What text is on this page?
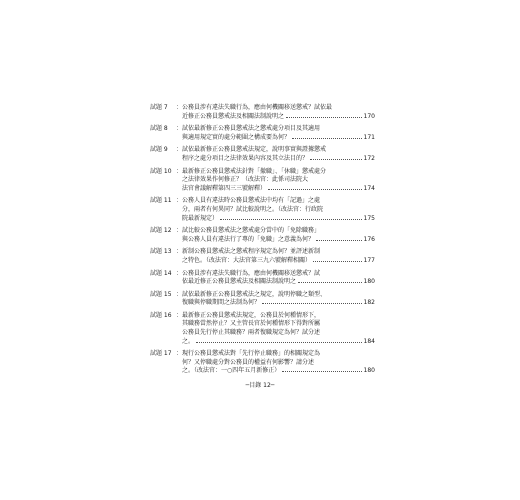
試題 7 ： 公務員涉有違法失職行為，應由何機關移送懲戒？試依最
近修正公務員懲戒法及相關法制說明之	170
試題 8 ： 試依最新修正公務員懲戒法之懲戒處分項目及其適用
與適用規定實的處分範圍之構成要為何？	171
試題 9 ： 試依最新修正公務員懲戒法規定，說明事實與證據懲戒
程序之處分項目之法律效果內容及其立法目的？	172
試題 10 ： 最新修正公務員懲戒法針對「撤職」、「休職」懲戒處分
之法律效果作何修正？（改法官：此係司法院大
法官會議解釋第四三三號解釋）	174
試題 11 ： 公務人員有違法時公務員懲戒法中均有「記過」之處
分，兩者有何異同？試比較說明之。（改法官：行政院
院最新規定）	175
試題 12 ： 試比較公務員懲戒法之懲戒處分當中的「免除職務」
與公務人員有違法行了專的「免職」之意義為何？	176
試題 13 ： 新制公務員懲戒法之懲戒程序規定為何？並評述新制
之特色。（改法官：大法官第三九六號解釋相關）	177
試題 14 ： 公務員涉有違法失職行為，應由何機關移送懲戒？試
依最近修正公務員懲戒法及相關法制說明之	180
試題 15 ： 試依最新修正公務員懲戒法之規定，說明停職之類型、
復職與停職期間之法制為何？	182
試題 16 ： 最新修正公務員懲戒法規定，公務員於何種情形下，
其職務當然停止？又主管長官於何種情形下得對所屬
公務員先行停止其職務？兩者復職規定為何？試分述
之。	184
試題 17 ： 現行公務員懲戒法對「先行停止職務」的相關規定為
何？又停職處分對公務員的權益有何影響？請分述
之。（改法官：一○四年五月新修正）	180
─目錄 12─
